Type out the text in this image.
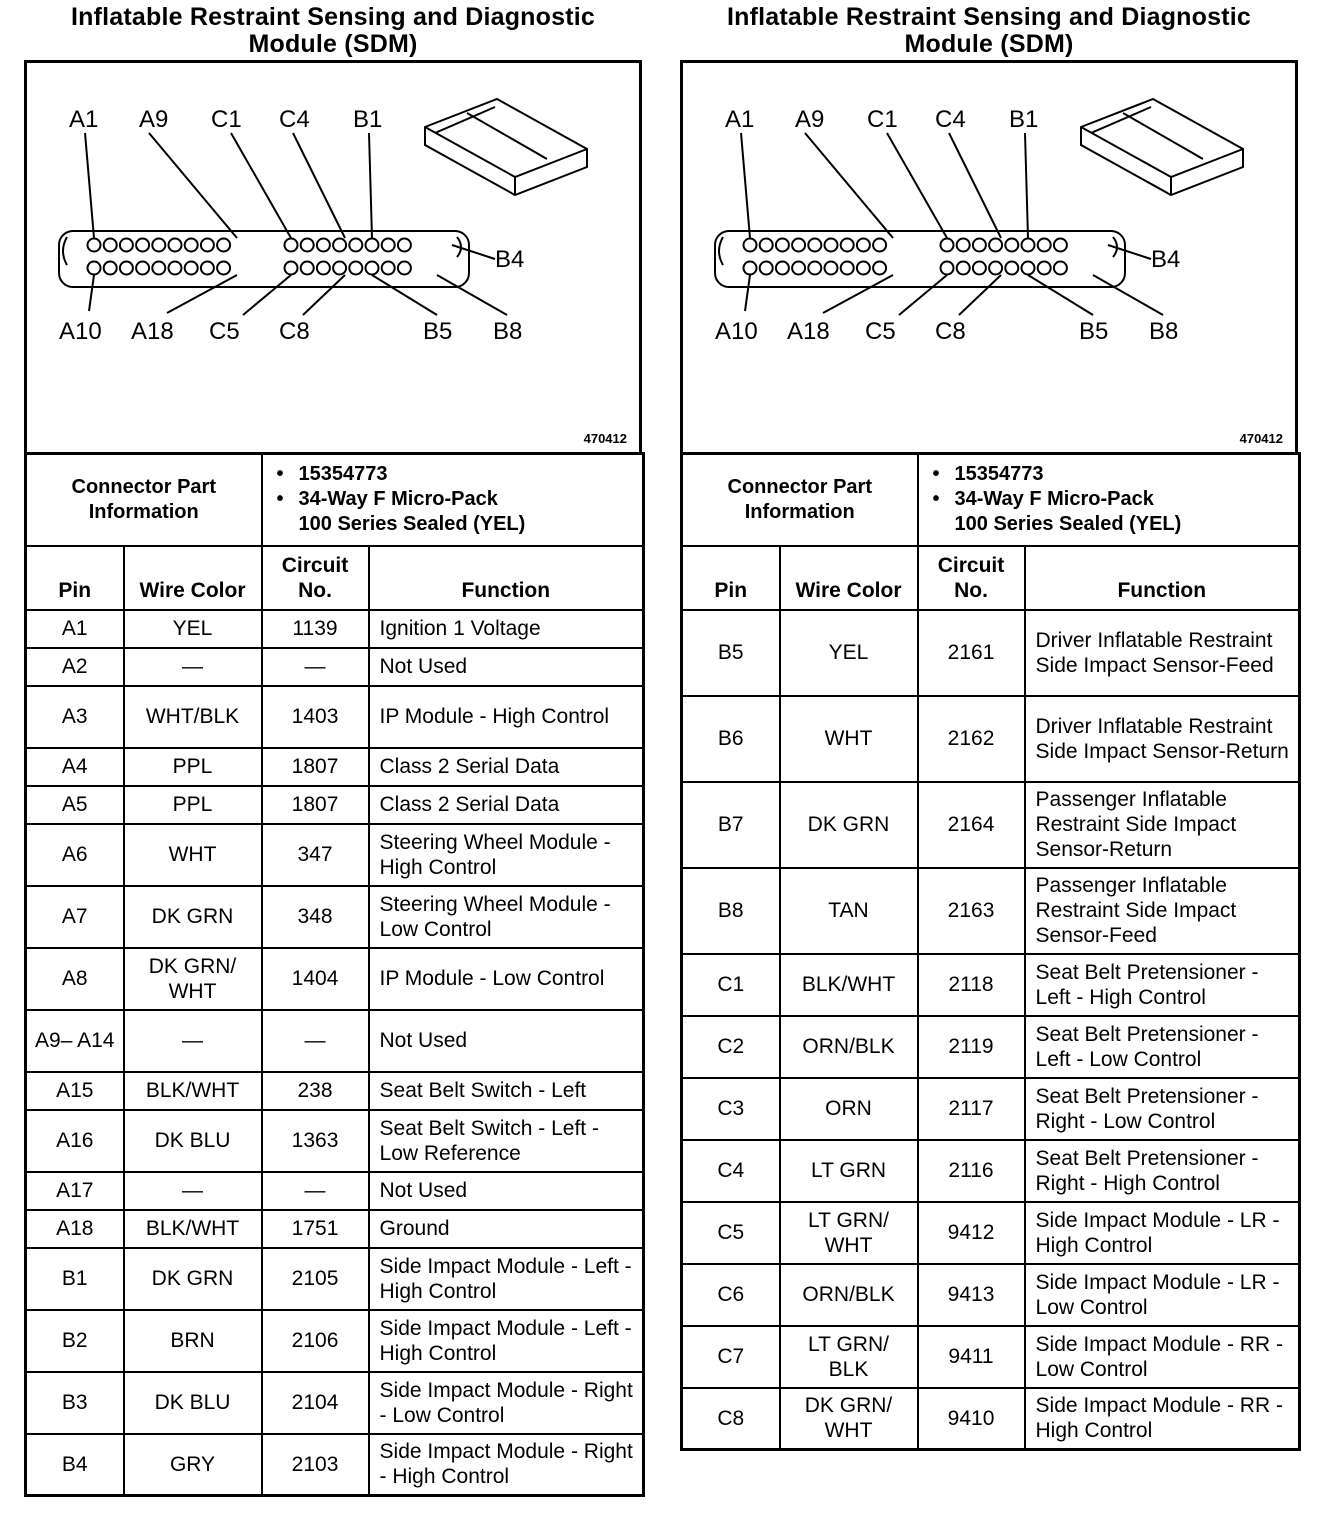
Inflatable Restraint Sensing and Diagnostic Module (SDM)
A1 A9 C1 C4 B1
B4
A10 A18 C5 C8	B5 B8
470412
Connector Part Information		• 15354773
• 34-Way F Micro-Pack
100 Series Sealed (YEL)

Pin	Wire Color	Circuit No.	Function
A1	YEL	1139	Ignition 1 Voltage
A2	—	—	Not Used
A3	WHT/BLK	1403	IP Module - High Control
A4	PPL	1807	Class 2 Serial Data
A5	PPL	1807	Class 2 Serial Data
A6	WHT	347	Steering Wheel Module - High Control
A7	DK GRN	348	Steering Wheel Module - Low Control
A8	DK GRN/ WHT	1404	IP Module - Low Control
A9– A14	—	—	Not Used
A15	BLK/WHT	238	Seat Belt Switch - Left
A16	DK BLU	1363	Seat Belt Switch - Left - Low Reference
A17	—	—	Not Used
A18	BLK/WHT	1751	Ground
B1	DK GRN	2105	Side Impact Module - Left - High Control
B2	BRN	2106	Side Impact Module - Left - High Control
B3	DK BLU	2104	Side Impact Module - Right - Low Control
B4	GRY	2103	Side Impact Module - Right - High Control
Inflatable Restraint Sensing and Diagnostic Module (SDM)
A1 A9 C1 C4 B1
B4
A10 A18 C5 C8	B5 B8
470412
Connector Part Information		• 15354773
• 34-Way F Micro-Pack
100 Series Sealed (YEL)

Pin	Wire Color	Circuit No.	Function
B5	YEL	2161	Driver Inflatable Restraint Side Impact Sensor-Feed
B6	WHT	2162	Driver Inflatable Restraint Side Impact Sensor-Return
B7	DK GRN	2164	Passenger Inflatable Restraint Side Impact Sensor-Return
B8	TAN	2163	Passenger Inflatable Restraint Side Impact Sensor-Feed
C1	BLK/WHT	2118	Seat Belt Pretensioner - Left - High Control
C2	ORN/BLK	2119	Seat Belt Pretensioner - Left - Low Control
C3	ORN	2117	Seat Belt Pretensioner - Right - Low Control
C4	LT GRN	2116	Seat Belt Pretensioner - Right - High Control
C5	LT GRN/ WHT	9412	Side Impact Module - LR - High Control
C6	ORN/BLK	9413	Side Impact Module - LR - Low Control
C7	LT GRN/ BLK	9411	Side Impact Module - RR - Low Control
C8	DK GRN/ WHT	9410	Side Impact Module - RR - High Control
